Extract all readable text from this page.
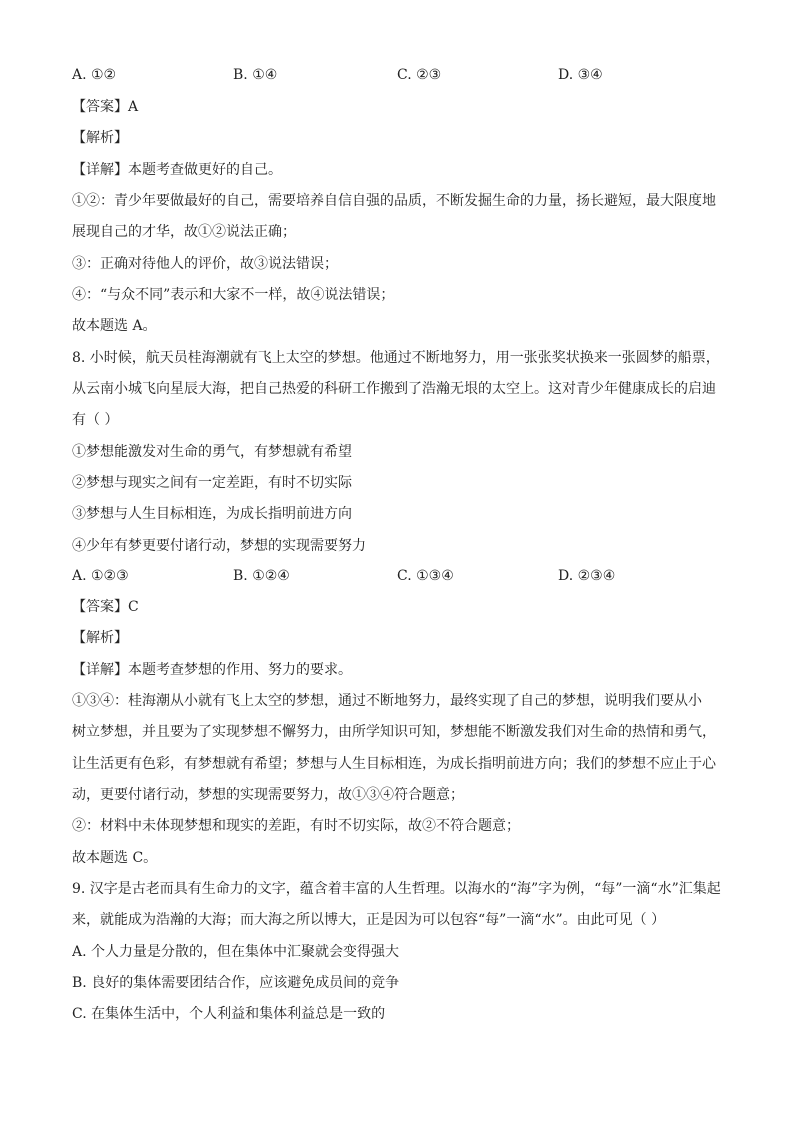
A. ①②	B. ①④	C. ②③	D. ③④
【答案】A
【解析】
【详解】本题考查做更好的自己。
①②：青少年要做最好的自己，需要培养自信自强的品质，不断发掘生命的力量，扬长避短，最大限度地
展现自己的才华，故①②说法正确；
③：正确对待他人的评价，故③说法错误；
④：“与众不同”表示和大家不一样，故④说法错误；
故本题选 A。
8. 小时候，航天员桂海潮就有飞上太空的梦想。他通过不断地努力，用一张张奖状换来一张圆梦的船票，
从云南小城飞向星辰大海，把自己热爱的科研工作搬到了浩瀚无垠的太空上。这对青少年健康成长的启迪
有（ ）
①梦想能激发对生命的勇气，有梦想就有希望
②梦想与现实之间有一定差距，有时不切实际
③梦想与人生目标相连，为成长指明前进方向
④少年有梦更要付诸行动，梦想的实现需要努力
A. ①②③	B. ①②④	C. ①③④	D. ②③④
【答案】C
【解析】
【详解】本题考查梦想的作用、努力的要求。
①③④：桂海潮从小就有飞上太空的梦想，通过不断地努力，最终实现了自己的梦想，说明我们要从小
树立梦想，并且要为了实现梦想不懈努力，由所学知识可知，梦想能不断激发我们对生命的热情和勇气，
让生活更有色彩，有梦想就有希望；梦想与人生目标相连，为成长指明前进方向；我们的梦想不应止于心
动，更要付诸行动，梦想的实现需要努力，故①③④符合题意；
②：材料中未体现梦想和现实的差距，有时不切实际，故②不符合题意；
故本题选 C。
9. 汉字是古老而具有生命力的文字，蕴含着丰富的人生哲理。以海水的“海”字为例，“每”一滴“水”汇集起
来，就能成为浩瀚的大海；而大海之所以博大，正是因为可以包容“每”一滴“水”。由此可见（ ）
A. 个人力量是分散的，但在集体中汇聚就会变得强大
B. 良好的集体需要团结合作，应该避免成员间的竞争
C. 在集体生活中，个人利益和集体利益总是一致的
